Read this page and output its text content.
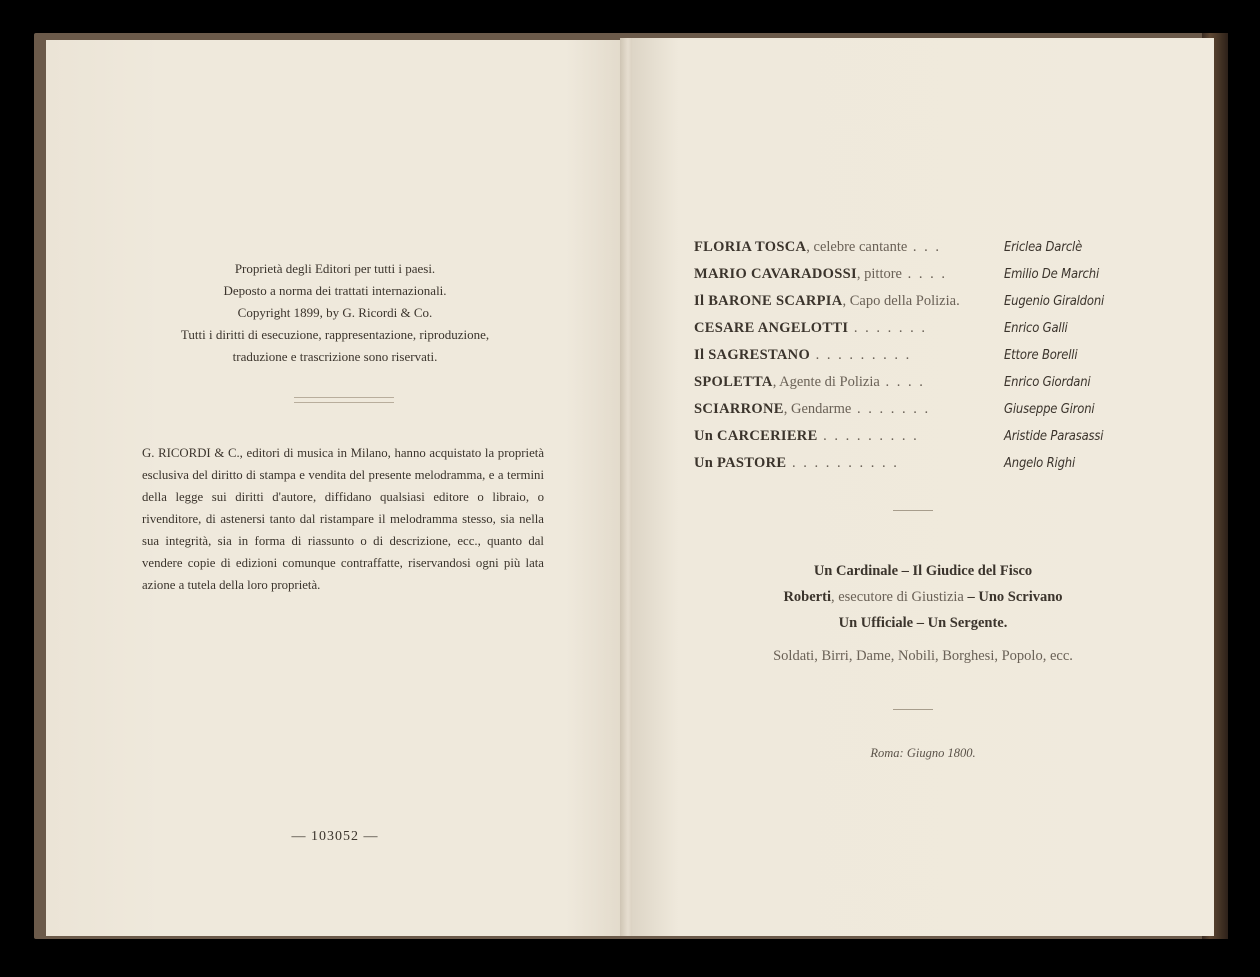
Proprietà degli Editori per tutti i paesi.
Deposto a norma dei trattati internazionali.
Copyright 1899, by G. Ricordi & Co.
Tutti i diritti di esecuzione, rappresentazione, riproduzione,
traduzione e trascrizione sono riservati.
G. RICORDI & C., editori di musica in Milano, hanno acquistato la proprietà esclusiva del diritto di stampa e vendita del presente melodramma, e a termini della legge sui diritti d'autore, diffidano qualsiasi editore o libraio, o rivenditore, di astenersi tanto dal ristampare il melodramma stesso, sia nella sua integrità, sia in forma di riassunto o di descrizione, ecc., quanto dal vendere copie di edizioni comunque contraffatte, riservandosi ogni più lata azione a tutela della loro proprietà.
— 103052 —
FLORIA TOSCA, celebre cantante . . .	Ericlea Darclè
MARIO CAVARADOSSI, pittore . . . .	Emilio De Marchi
Il BARONE SCARPIA, Capo della Polizia.	Eugenio Giraldoni
CESARE ANGELOTTI . . . . . . .	Enrico Galli
Il SAGRESTANO . . . . . . . . .	Ettore Borelli
SPOLETTA, Agente di Polizia . . . .	Enrico Giordani
SCIARRONE, Gendarme . . . . . . .	Giuseppe Gironi
Un CARCERIERE . . . . . . . . .	Aristide Parasassi
Un PASTORE . . . . . . . . . .	Angelo Righi
Un Cardinale – Il Giudice del Fisco
Roberti, esecutore di Giustizia – Uno Scrivano
Un Ufficiale – Un Sergente.
Soldati, Birri, Dame, Nobili, Borghesi, Popolo, ecc.
Roma: Giugno 1800.
